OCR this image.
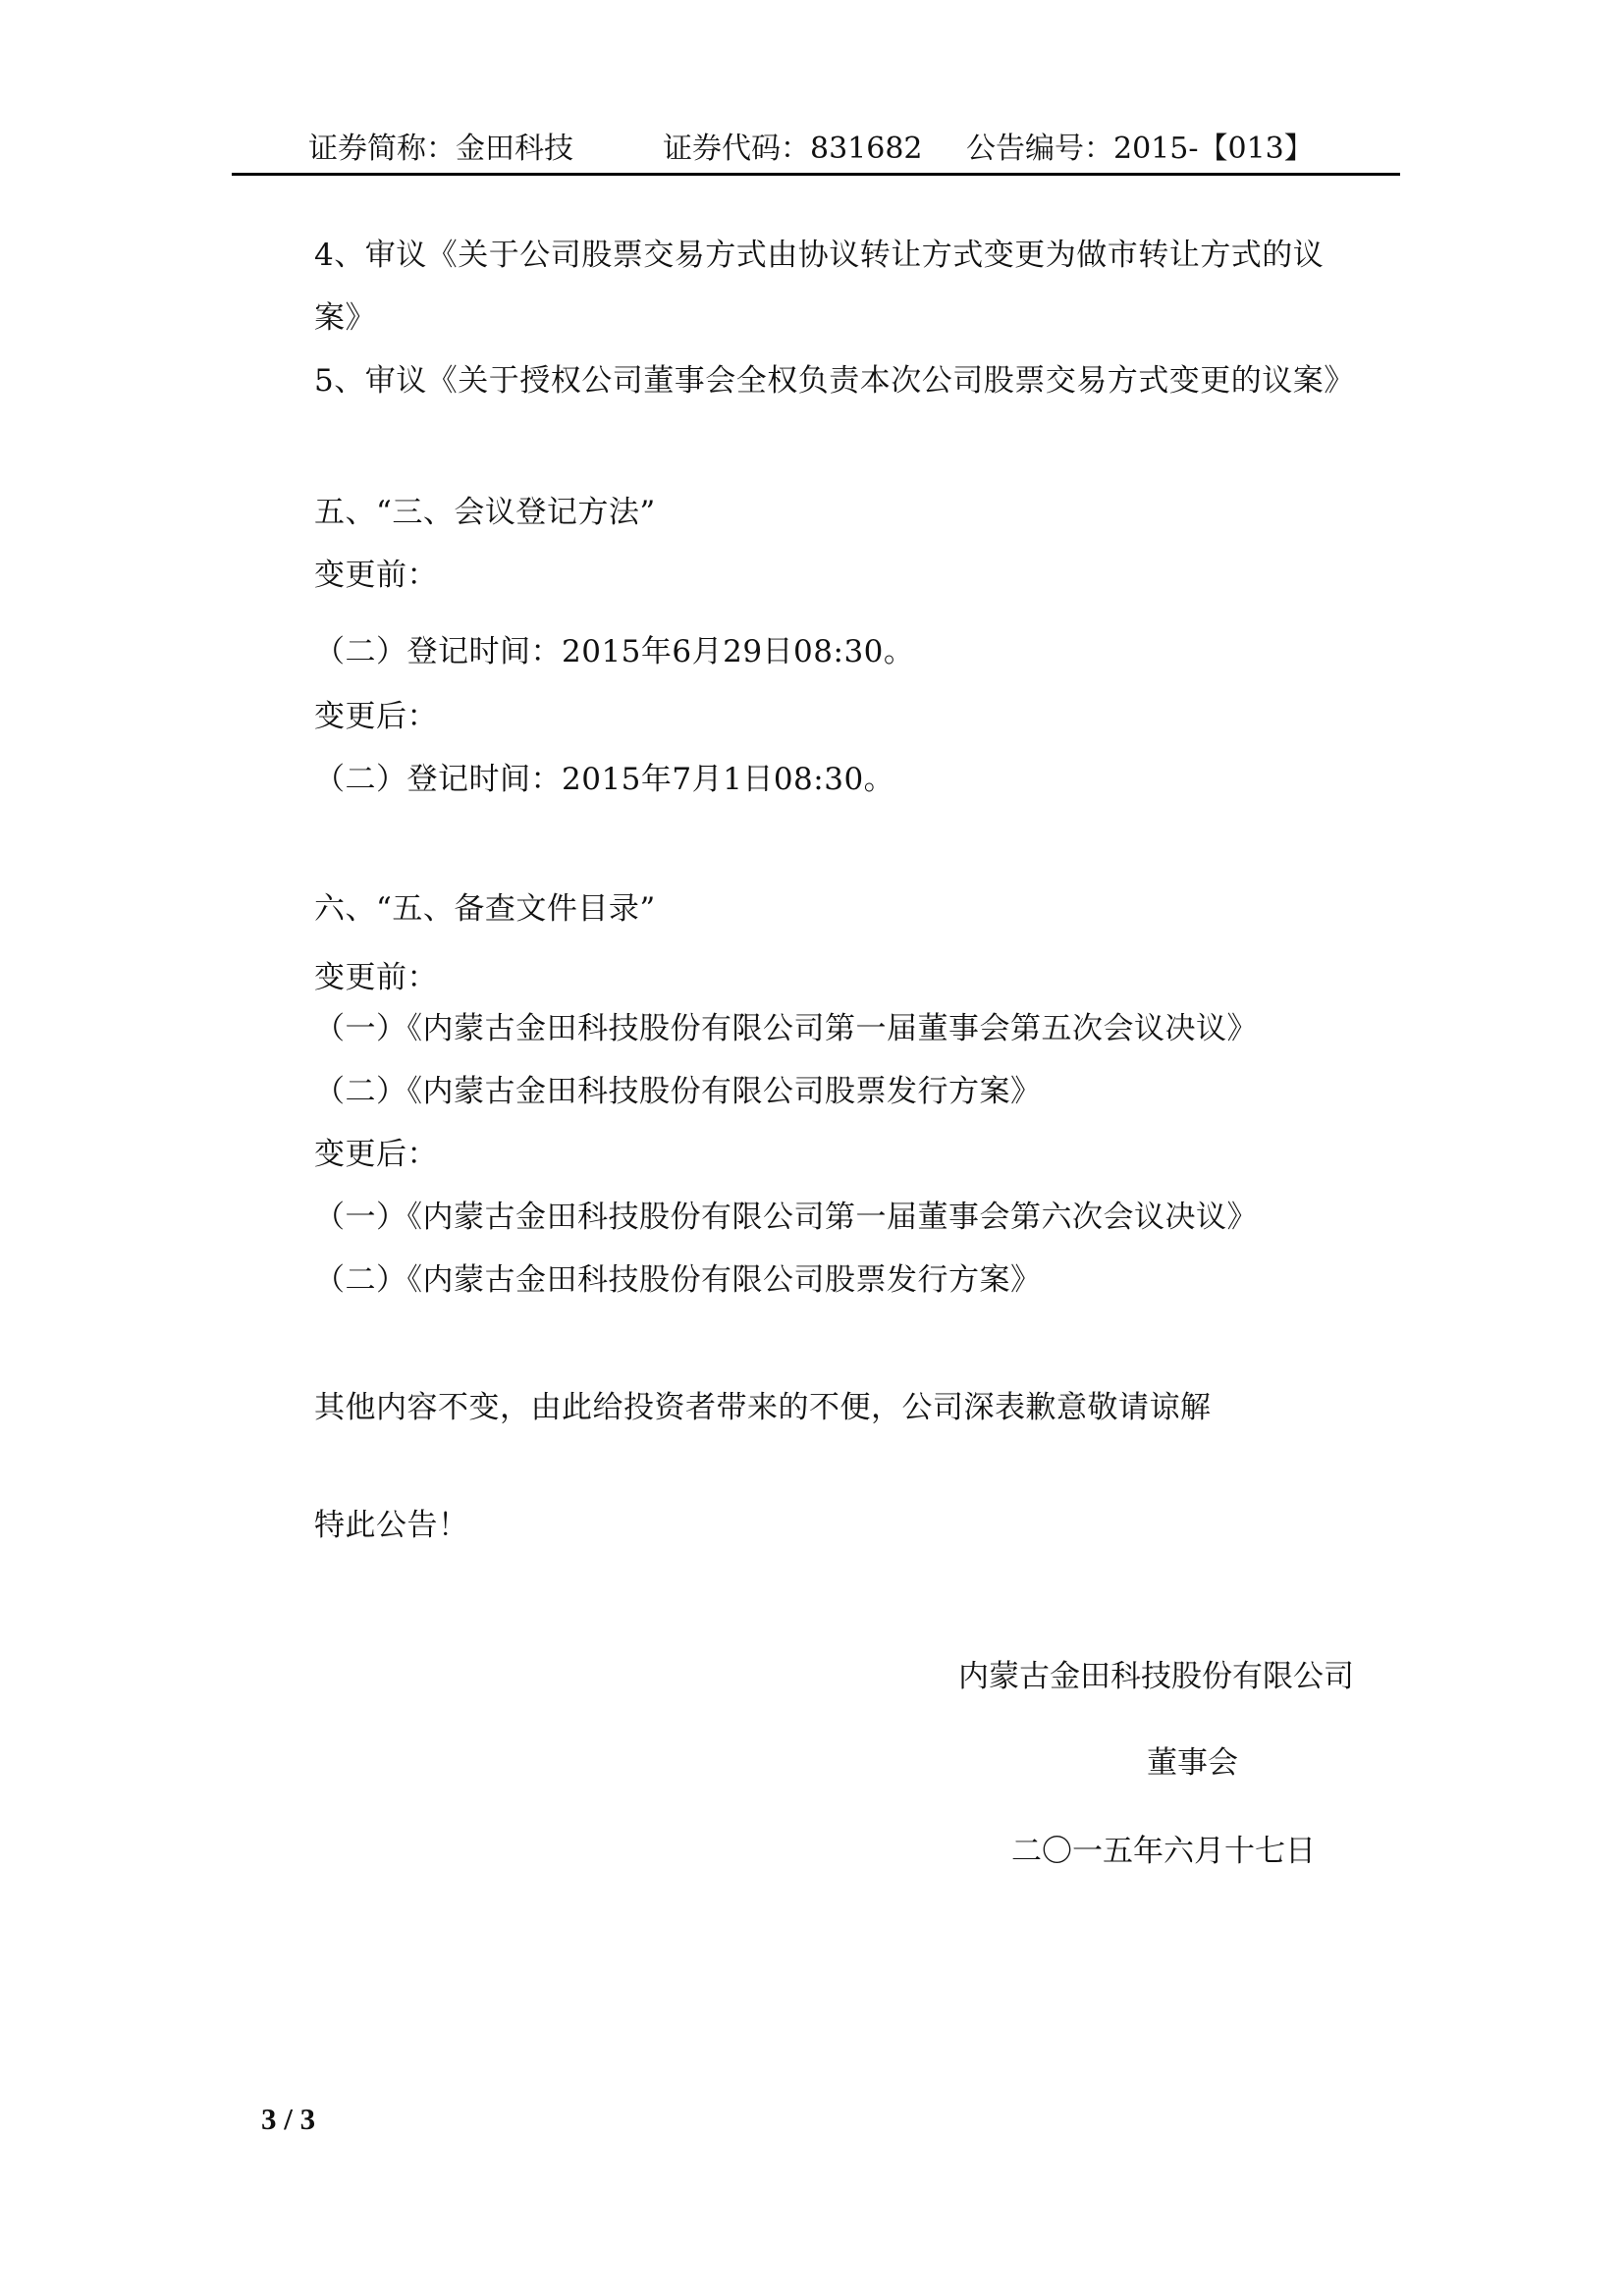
证券简称：金田科技	证券代码：831682 公告编号：2015-【013】
4、审议《关于公司股票交易方式由协议转让方式变更为做市转让方式的议
案》
5、审议《关于授权公司董事会全权负责本次公司股票交易方式变更的议案》
五、“三、会议登记方法”
变更前：
（二）登记时间：2015年6月29日08:30。
变更后：
（二）登记时间：2015年7月1日08:30。
六、“五、备查文件目录”
变更前：
（一）《内蒙古金田科技股份有限公司第一届董事会第五次会议决议》
（二）《内蒙古金田科技股份有限公司股票发行方案》
变更后：
（一）《内蒙古金田科技股份有限公司第一届董事会第六次会议决议》
（二）《内蒙古金田科技股份有限公司股票发行方案》
其他内容不变，由此给投资者带来的不便，公司深表歉意敬请谅解
特此公告！
内蒙古金田科技股份有限公司
董事会
二〇一五年六月十七日
3 / 3
